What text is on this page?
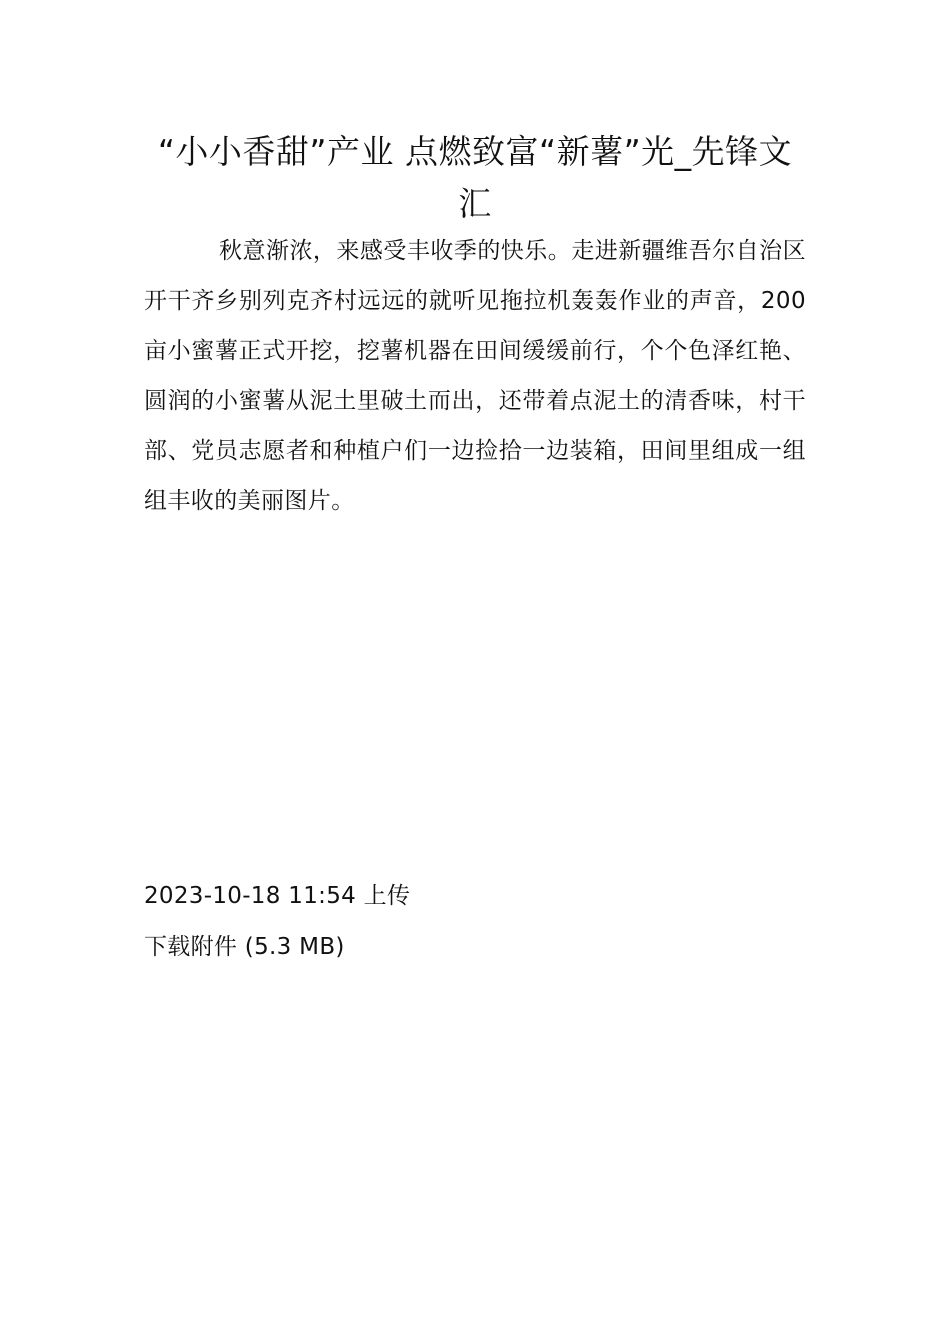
“小小香甜”产业 点燃致富“新薯”光_先锋文汇

秋意渐浓，来感受丰收季的快乐。走进新疆维吾尔自治区开干齐乡别列克齐村远远的就听见拖拉机轰轰作业的声音，200 亩小蜜薯正式开挖，挖薯机器在田间缓缓前行，个个色泽红艳、圆润的小蜜薯从泥土里破土而出，还带着点泥土的清香味，村干部、党员志愿者和种植户们一边捡拾一边装箱，田间里组成一组组丰收的美丽图片。

2023-10-18 11:54 上传
下载附件 (5.3 MB)
